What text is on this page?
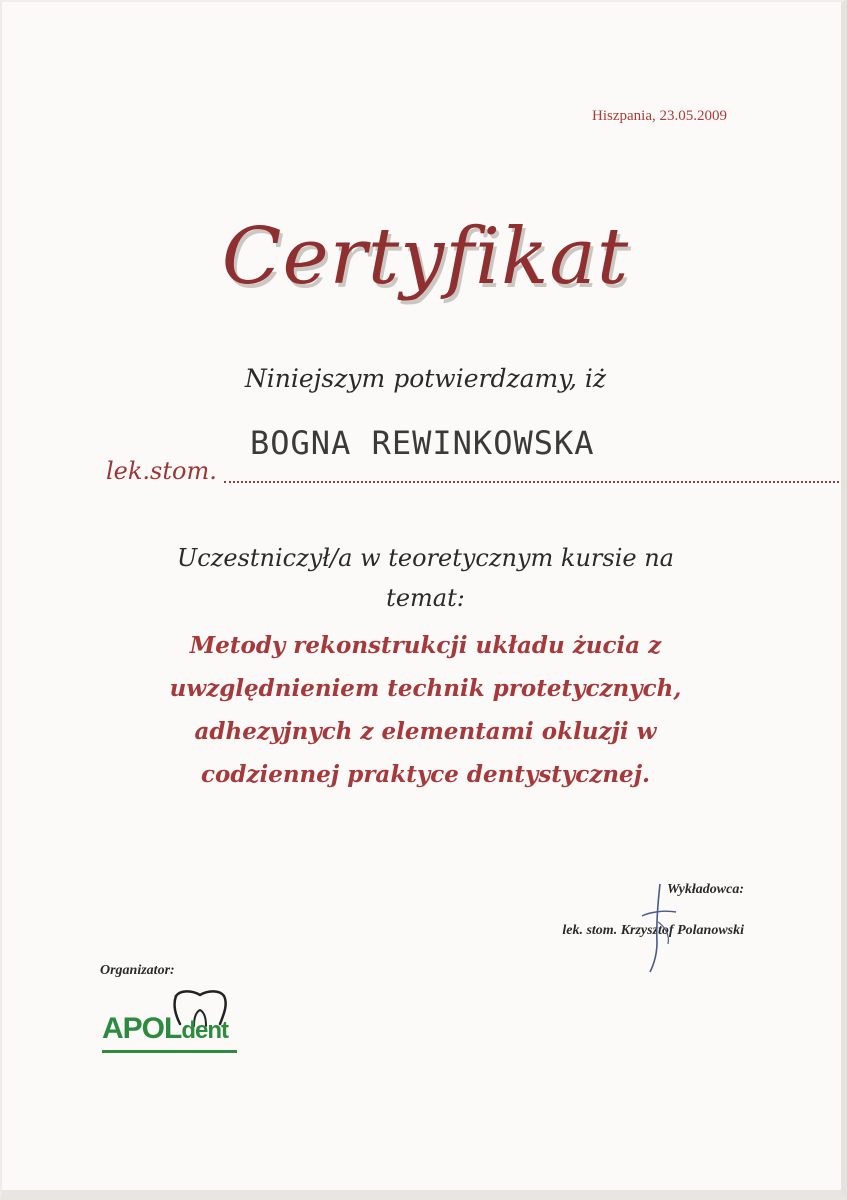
Hiszpania, 23.05.2009
Certyfikat
Niniejszym potwierdzamy, iż
BOGNA REWINKOWSKA
lek.stom.
Uczestniczył/a w teoretycznym kursie na
temat:
Metody rekonstrukcji układu żucia z
uwzględnieniem technik protetycznych,
adhezyjnych z elementami okluzji w
codziennej praktyce dentystycznej.
Wykładowca:
lek. stom. Krzysztof Polanowski
Organizator:
APOLdent
